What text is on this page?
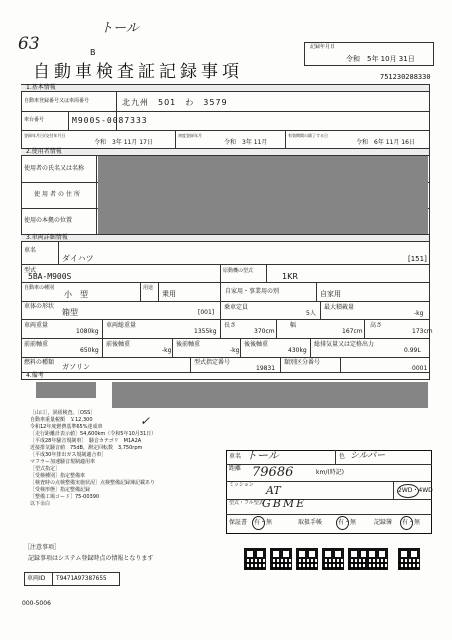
63
トール
B
自動車検査証記録事項
記録年月日
令和　5年 10月 31日
751230288330
1.基本情報
自動車登録番号又は車両番号	北九州　501　わ　3579
車台番号	M900S-0087333
登録年月日/交付年月日
令和　3年 11月 17日
初度登録年月
令和　3年 11月
有効期間の満了する日
令和　6年 11月 16日
2.使用者情報
使用者の氏名又は名称
使用者の住所
使用の本拠の位置
3.車両詳細情報
車名
ダイハツ	[151]
型式
5BA-M900S
原動機の型式
1KR
自動車の種別
小　型
用途
乗用	自家用・事業用の別	自家用
車体の形状
箱型	[001]
乗車定員
5人
最大積載量
-kg
車両重量
1080kg
車両総重量
1355kg
長さ
370cm
幅
167cm
高さ
173cm
前前軸重
650kg
前後軸重
-kg
後前軸重
-kg
後後軸重
430kg
総排気量又は定格出力
0.99L
燃料の種類
ガソリン
型式指定番号
19831
類別区分番号
0001
4.備考
［山口］，誤紐検査。［OSS］
自動車重量税額　￥12,300
令和12年度燃費基準65%達成車
［走行距離計表示値］54,600km（令和5年10月31日）
［平成28年騒音規制車］　騒音カテゴリ　M1A2A
近接排気騒音値　75dB，測定回転数　3,750rpm
［平成30年排出ガス規制適合車］
マフラー加速騒音規制適用車
［型式指定］
［受検種別］指定整備車
［検査時の点検整備実施状況］点検整備記録簿記載あり
［受検形態］指定整備記録
［整備工場コード］75-00390
以下余白
✓
車名 トール	色 シルバー
距離 79686	km/(時記)
ミッション AT	2WD・4WD
型式・フル型式
GBME
保証書 有・無	取扱手帳	有・無	記録簿 有・無
［注意事項］
記録事項はシステム登録時点の情報となります
車両ID T9471A97387655
000-5006
